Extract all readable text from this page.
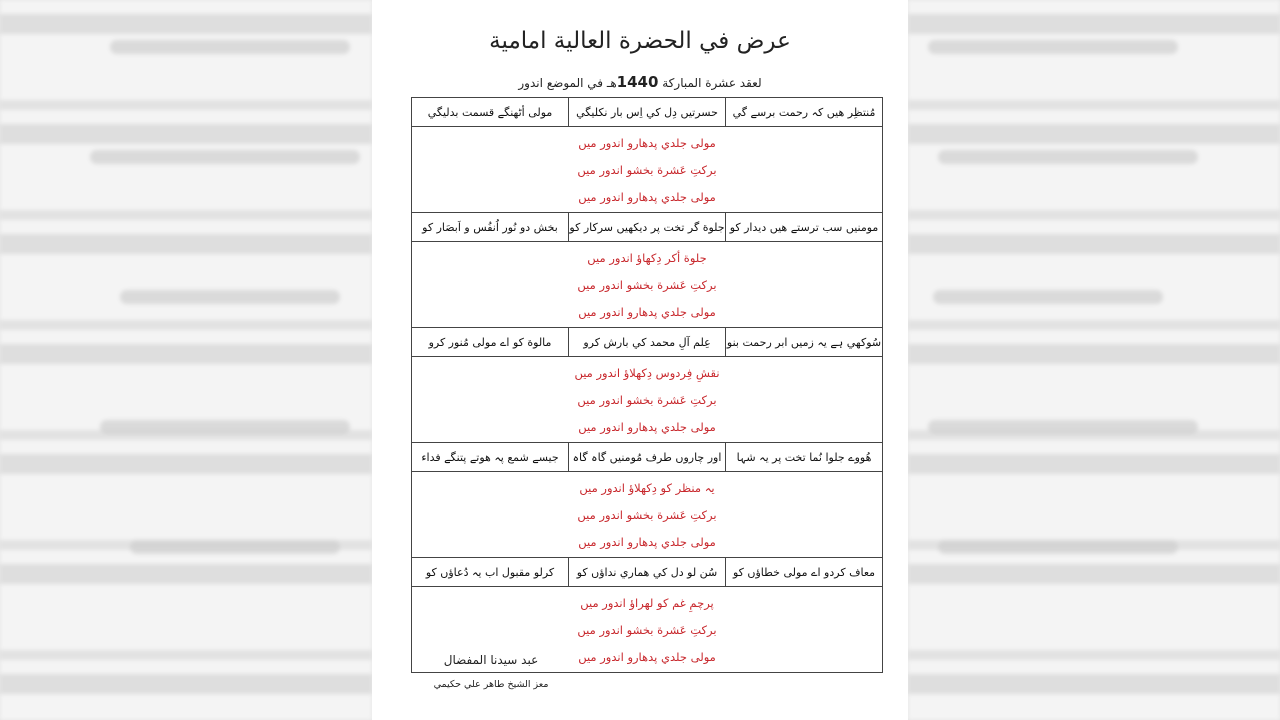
عرض في الحضرة العالية امامية
لعقد عشرة المباركة 1440هـ في الموضع اندور
مُنتظِر هيں كہ رحمت برسے گي
حسرتيں دِل كي اِس بار نكليگي
مولى أٹھنگے قسمت بدليگي
مولى جلدي پدھارو اندور ميں
بركتِ عَشرة بخشو اندور ميں
مولى جلدي پدھارو اندور ميں
مومنيں سب ترستے هيں ديدار كو
جلوة گر تخت پر ديكھيں سركار كو
بخش دو نُور اُنفُس و اَبصَار كو
جلوة أكر دِكھاؤ اندور ميں
بركتِ عَشرة بخشو اندور ميں
مولى جلدي پدھارو اندور ميں
سُوكھي ہے يہ زميں ابر رحمت بنو
عِلم آلِ محمد كي بارش كرو
مالوة كو اے مولى مُنور كرو
نقشِ فِردوس دِكھلاؤ اندور ميں
بركتِ عَشرة بخشو اندور ميں
مولى جلدي پدھارو اندور ميں
هُووے جلوا نُما تخت پر يہ شہا
اور چاروں طرف مُومنيں گاہ گاہ
جيسے شمع پہ هوتے پتنگے فداء
يہ منظر كو دِكھلاؤ اندور ميں
بركتِ عَشرة بخشو اندور ميں
مولى جلدي پدھارو اندور ميں
معاف كردو اے مولى خطاؤں كو
سُن لو دل كي هماري نداؤں كو
كرلو مقبول اب يہ دُعاؤں كو
پرچمِ غم كو لهراؤ اندور ميں
بركتِ عَشرة بخشو اندور ميں
مولى جلدي پدھارو اندور ميں
عبد سيدنا المفضال
معز الشيخ طاهر علي حكيمي
